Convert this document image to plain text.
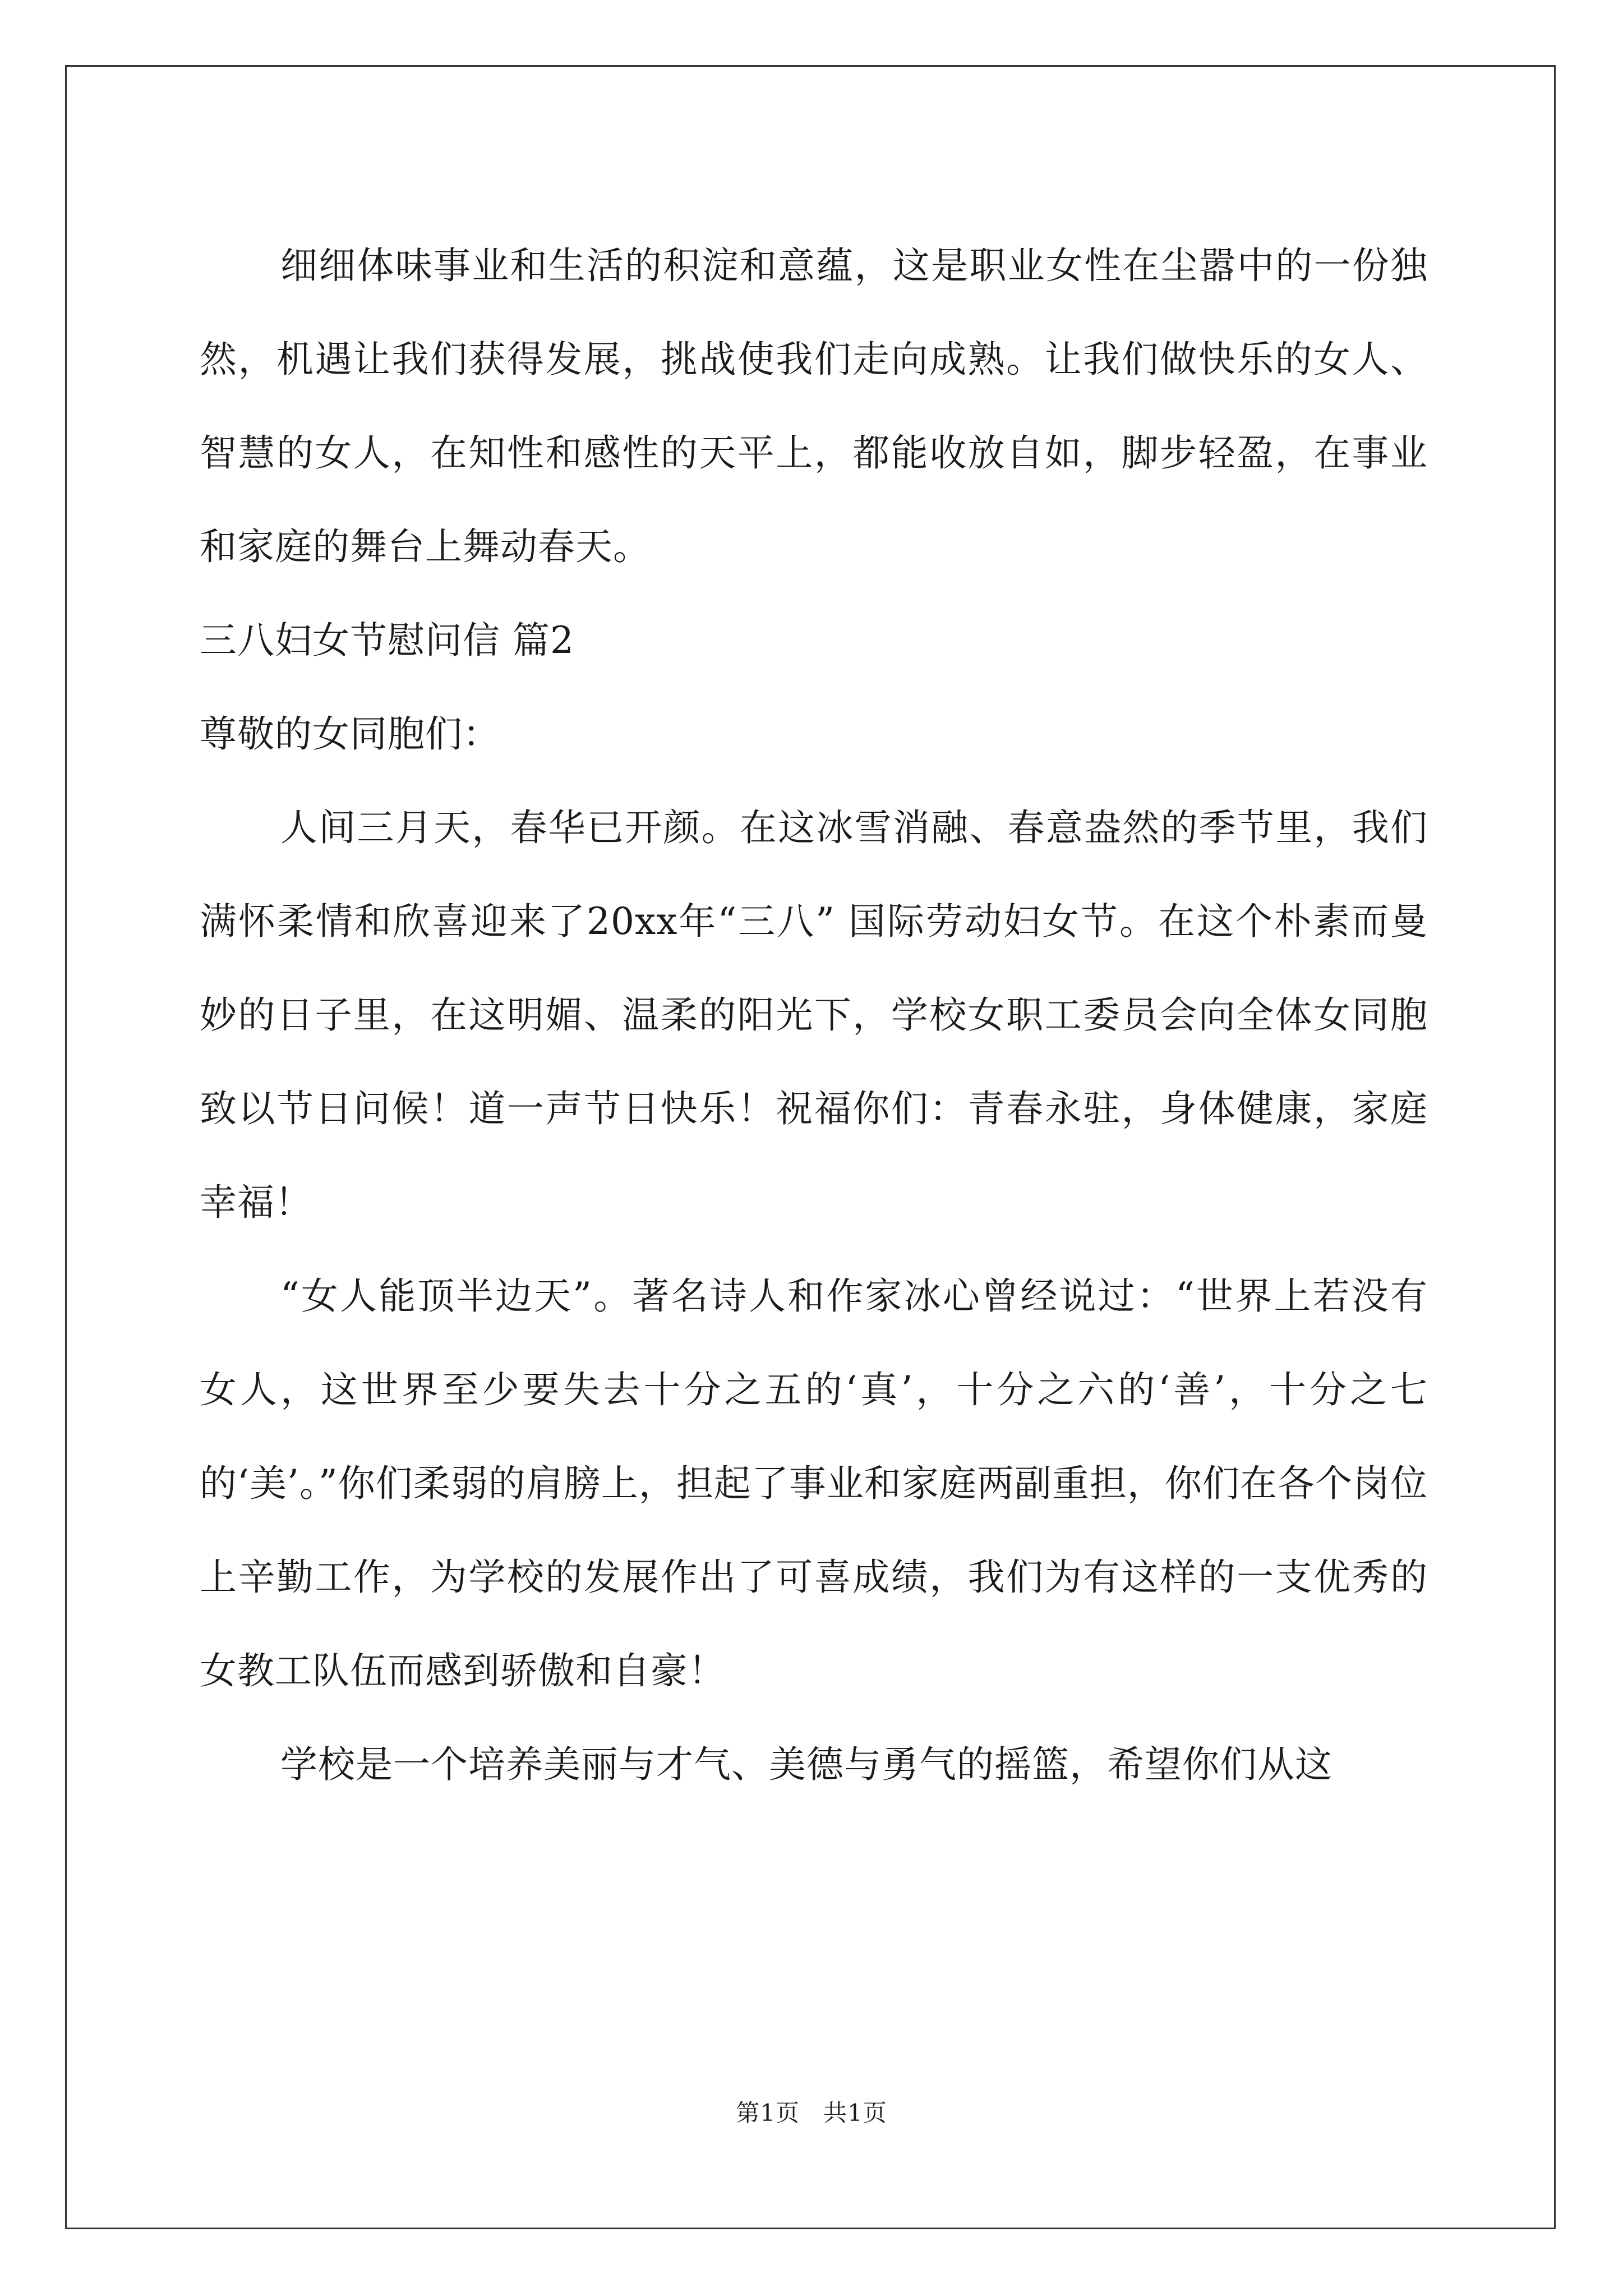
细细体味事业和生活的积淀和意蕴，这是职业女性在尘嚣中的一份独然，机遇让我们获得发展，挑战使我们走向成熟。让我们做快乐的女人、智慧的女人，在知性和感性的天平上，都能收放自如，脚步轻盈，在事业和家庭的舞台上舞动春天。

三八妇女节慰问信 篇2

尊敬的女同胞们：

人间三月天，春华已开颜。在这冰雪消融、春意盎然的季节里，我们满怀柔情和欣喜迎来了20xx年“三八” 国际劳动妇女节。在这个朴素而曼妙的日子里，在这明媚、温柔的阳光下，学校女职工委员会向全体女同胞致以节日问候！道一声节日快乐！祝福你们：青春永驻，身体健康，家庭幸福！

“女人能顶半边天”。著名诗人和作家冰心曾经说过：“世界上若没有女人，这世界至少要失去十分之五的‘真’，十分之六的‘善’，十分之七的‘美’。”你们柔弱的肩膀上，担起了事业和家庭两副重担，你们在各个岗位上辛勤工作，为学校的发展作出了可喜成绩，我们为有这样的一支优秀的女教工队伍而感到骄傲和自豪！

学校是一个培养美丽与才气、美德与勇气的摇篮，希望你们从这

第1页 共1页
